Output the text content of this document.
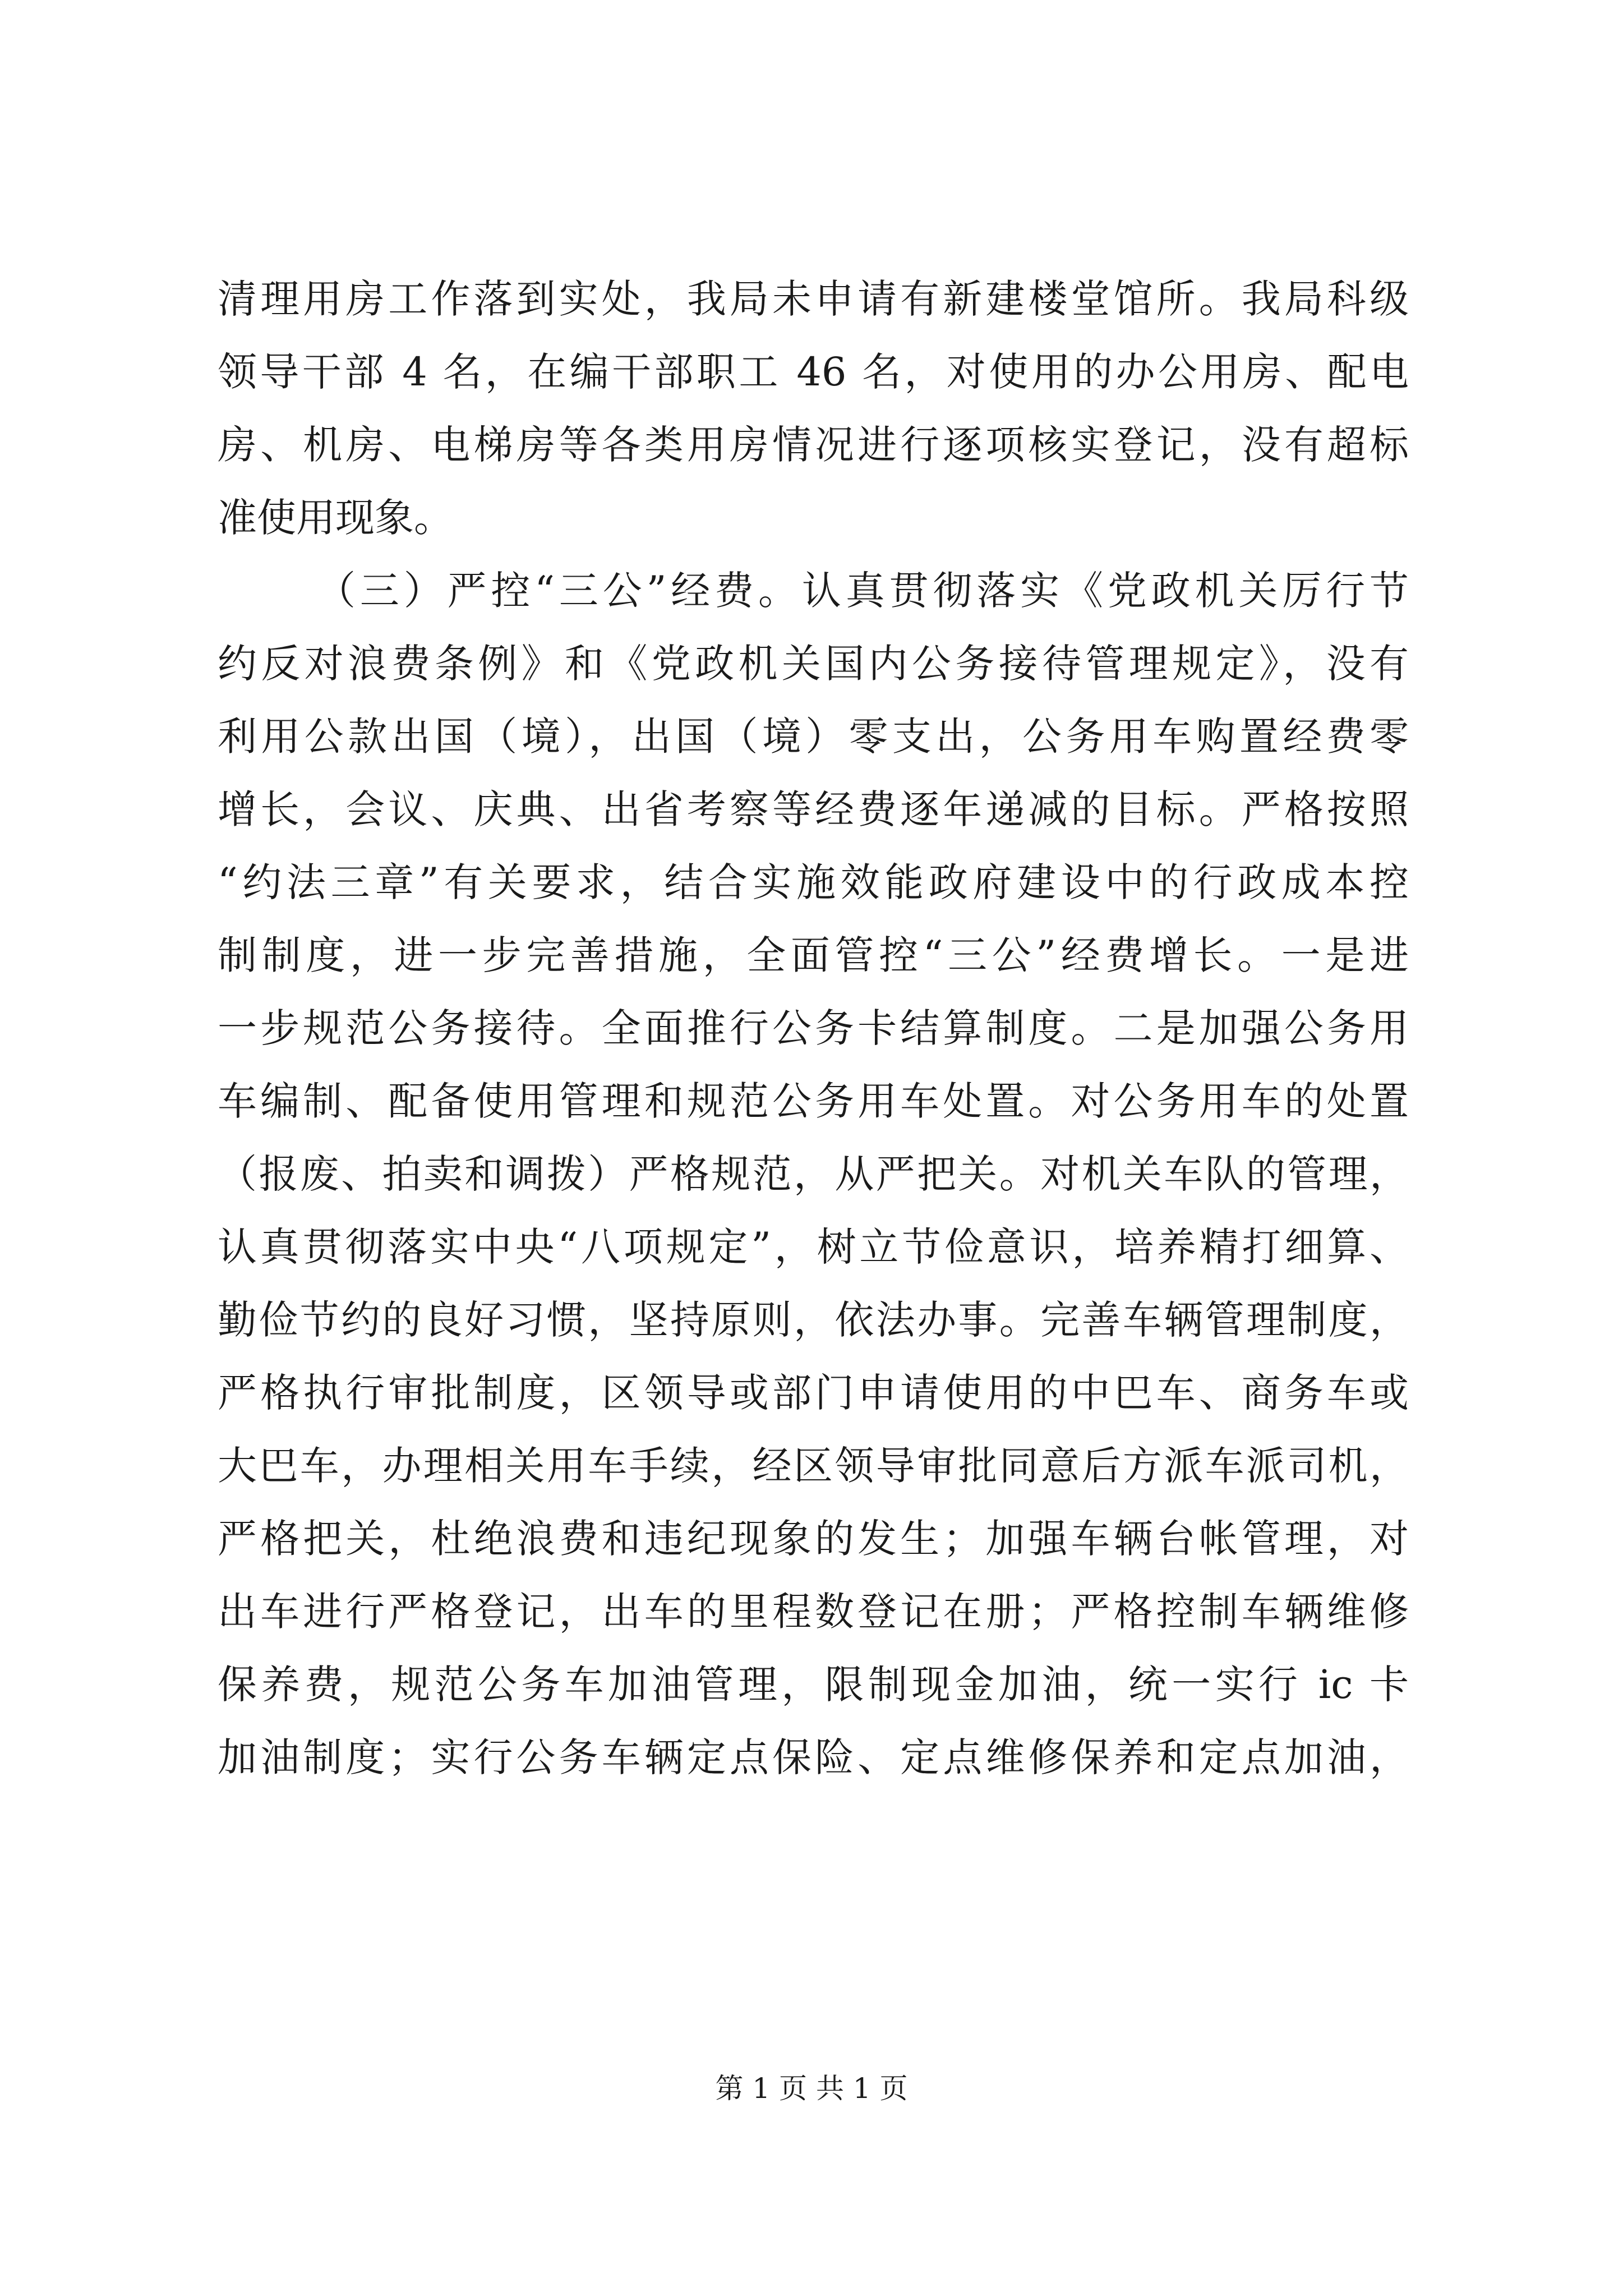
清理用房工作落到实处，我局未申请有新建楼堂馆所。我局科级
领导干部 4 名，在编干部职工 46 名，对使用的办公用房、配电
房、机房、电梯房等各类用房情况进行逐项核实登记，没有超标
准使用现象。
（三）严控“三公”经费。认真贯彻落实《党政机关厉行节
约反对浪费条例》和《党政机关国内公务接待管理规定》，没有
利用公款出国（境），出国（境）零支出，公务用车购置经费零
增长，会议、庆典、出省考察等经费逐年递减的目标。严格按照
“约法三章”有关要求，结合实施效能政府建设中的行政成本控
制制度，进一步完善措施，全面管控“三公”经费增长。一是进
一步规范公务接待。全面推行公务卡结算制度。二是加强公务用
车编制、配备使用管理和规范公务用车处置。对公务用车的处置
（报废、拍卖和调拨）严格规范，从严把关。对机关车队的管理，
认真贯彻落实中央“八项规定”，树立节俭意识，培养精打细算、
勤俭节约的良好习惯，坚持原则，依法办事。完善车辆管理制度，
严格执行审批制度，区领导或部门申请使用的中巴车、商务车或
大巴车，办理相关用车手续，经区领导审批同意后方派车派司机，
严格把关，杜绝浪费和违纪现象的发生；加强车辆台帐管理，对
出车进行严格登记，出车的里程数登记在册；严格控制车辆维修
保养费，规范公务车加油管理，限制现金加油，统一实行 ic 卡
加油制度；实行公务车辆定点保险、定点维修保养和定点加油，
第 1 页 共 1 页
